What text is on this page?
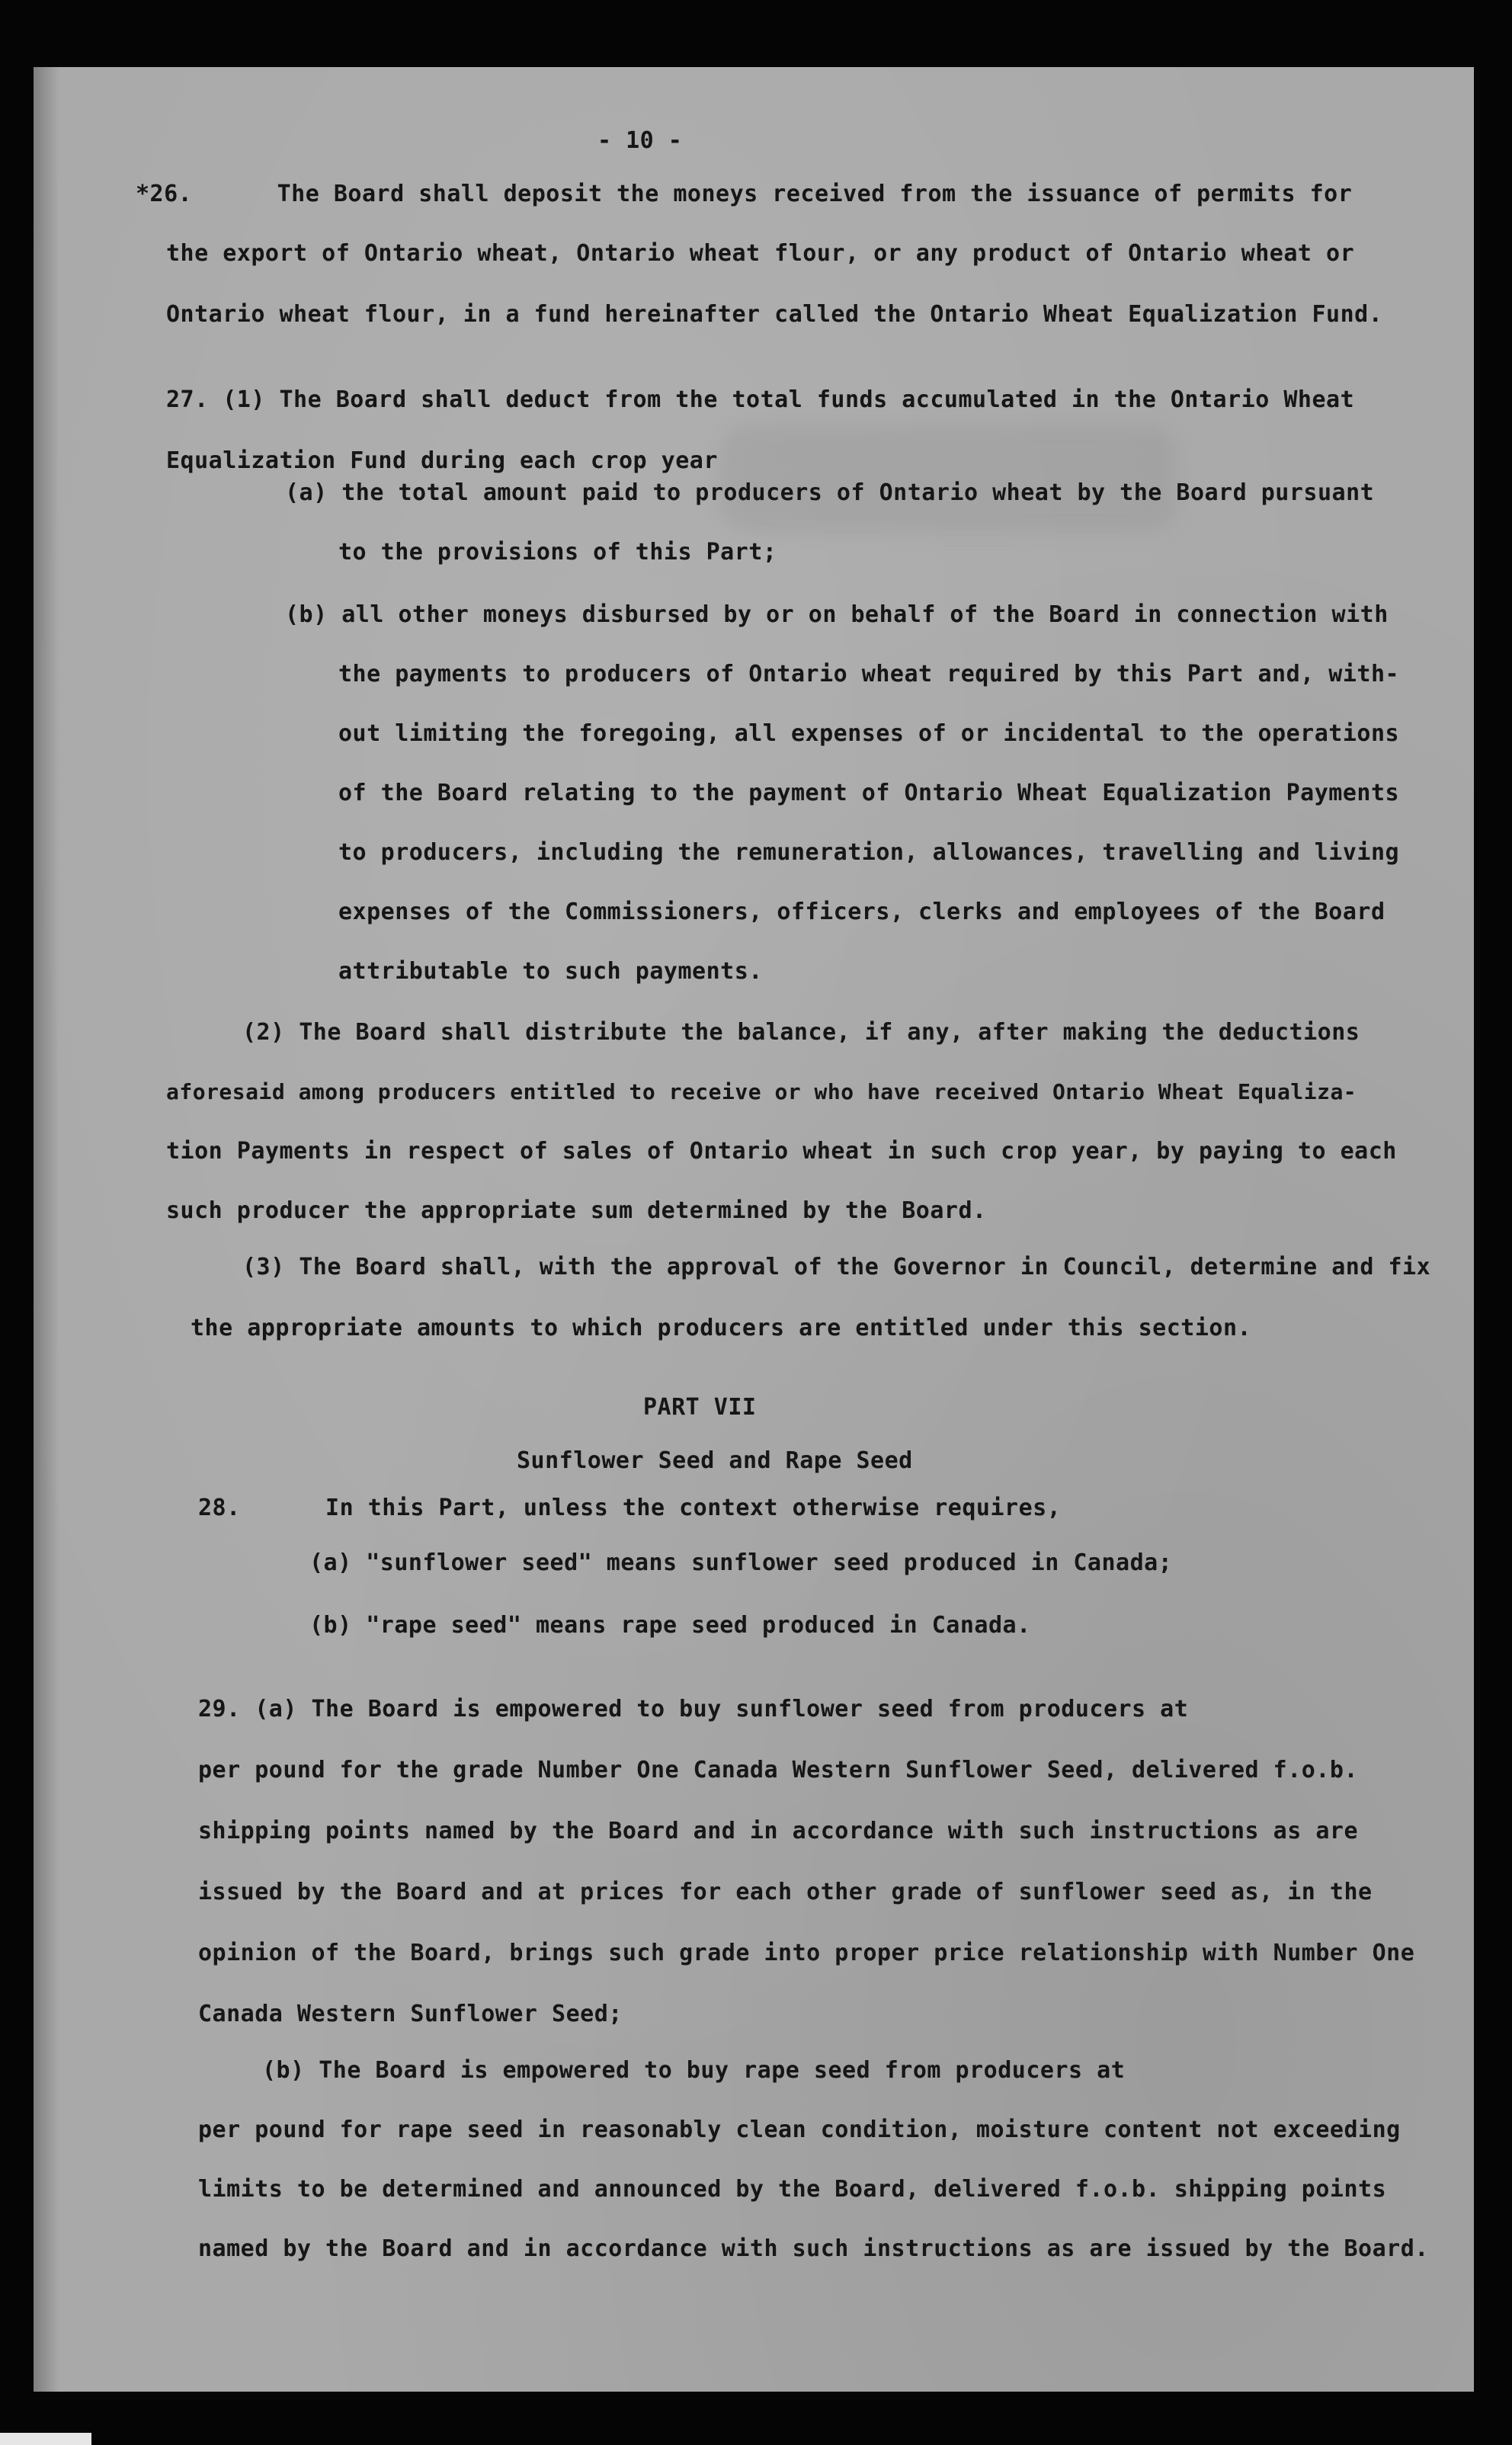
- 10 -
*26.      The Board shall deposit the moneys received from the issuance of permits for
the export of Ontario wheat, Ontario wheat flour, or any product of Ontario wheat or
Ontario wheat flour, in a fund hereinafter called the Ontario Wheat Equalization Fund.
27. (1) The Board shall deduct from the total funds accumulated in the Ontario Wheat
Equalization Fund during each crop year
(a) the total amount paid to producers of Ontario wheat by the Board pursuant
to the provisions of this Part;
(b) all other moneys disbursed by or on behalf of the Board in connection with
the payments to producers of Ontario wheat required by this Part and, with-
out limiting the foregoing, all expenses of or incidental to the operations
of the Board relating to the payment of Ontario Wheat Equalization Payments
to producers, including the remuneration, allowances, travelling and living
expenses of the Commissioners, officers, clerks and employees of the Board
attributable to such payments.
(2) The Board shall distribute the balance, if any, after making the deductions
aforesaid among producers entitled to receive or who have received Ontario Wheat Equaliza-
tion Payments in respect of sales of Ontario wheat in such crop year, by paying to each
such producer the appropriate sum determined by the Board.
(3) The Board shall, with the approval of the Governor in Council, determine and fix
the appropriate amounts to which producers are entitled under this section.
PART VII
Sunflower Seed and Rape Seed
28.      In this Part, unless the context otherwise requires,
(a) "sunflower seed" means sunflower seed produced in Canada;
(b) "rape seed" means rape seed produced in Canada.
29. (a) The Board is empowered to buy sunflower seed from producers at
per pound for the grade Number One Canada Western Sunflower Seed, delivered f.o.b.
shipping points named by the Board and in accordance with such instructions as are
issued by the Board and at prices for each other grade of sunflower seed as, in the
opinion of the Board, brings such grade into proper price relationship with Number One
Canada Western Sunflower Seed;
(b) The Board is empowered to buy rape seed from producers at
per pound for rape seed in reasonably clean condition, moisture content not exceeding
limits to be determined and announced by the Board, delivered f.o.b. shipping points
named by the Board and in accordance with such instructions as are issued by the Board.
